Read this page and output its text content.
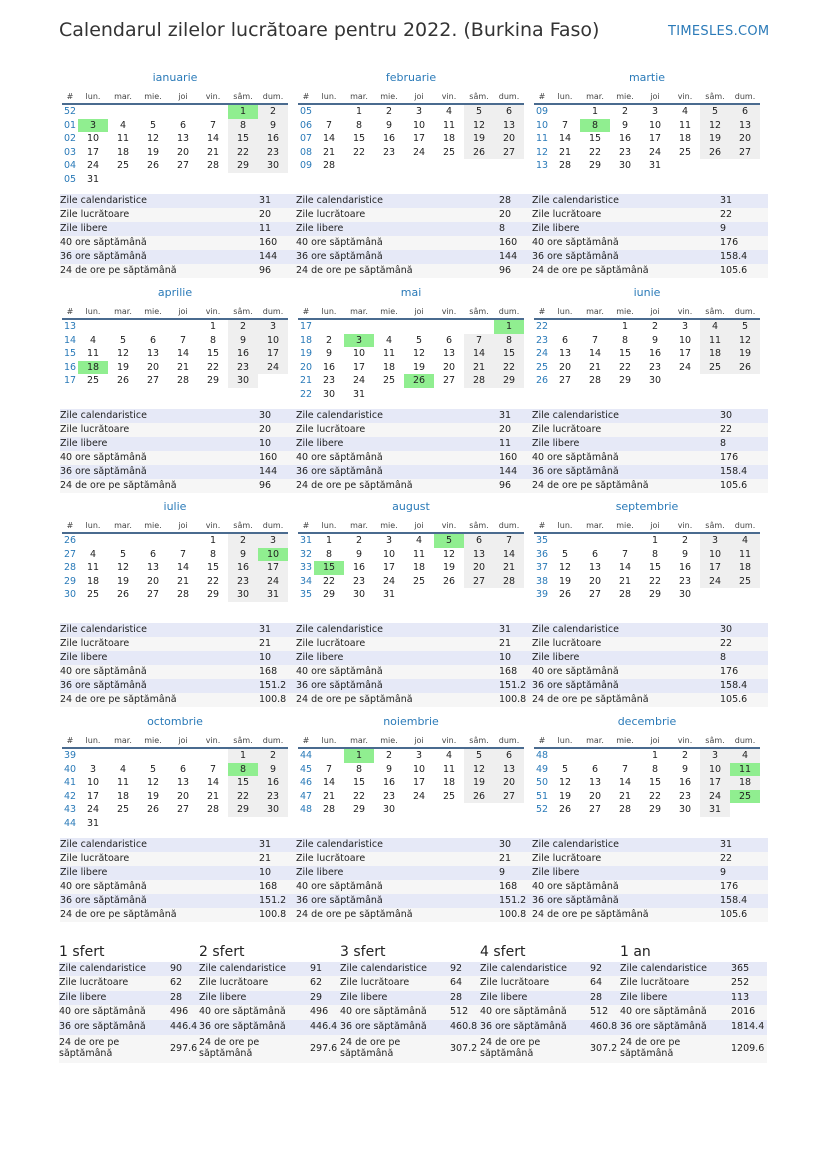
Calendarul zilelor lucrătoare pentru 2022. (Burkina Faso)	TIMESLES.COM
ianuarie
#	lun.	mar.	mie.	joi	vin.	sâm.	dum.
52						1	2
01	3	4	5	6	7	8	9
02	10	11	12	13	14	15	16
03	17	18	19	20	21	22	23
04	24	25	26	27	28	29	30
05	31						
Zile calendaristice	31
Zile lucrătoare	20
Zile libere	11
40 ore săptămână	160
36 ore săptămână	144
24 de ore pe săptămână	96
februarie
#	lun.	mar.	mie.	joi	vin.	sâm.	dum.
05		1	2	3	4	5	6
06	7	8	9	10	11	12	13
07	14	15	16	17	18	19	20
08	21	22	23	24	25	26	27
09	28						
Zile calendaristice	28
Zile lucrătoare	20
Zile libere	8
40 ore săptămână	160
36 ore săptămână	144
24 de ore pe săptămână	96
martie
#	lun.	mar.	mie.	joi	vin.	sâm.	dum.
09		1	2	3	4	5	6
10	7	8	9	10	11	12	13
11	14	15	16	17	18	19	20
12	21	22	23	24	25	26	27
13	28	29	30	31			
Zile calendaristice	31
Zile lucrătoare	22
Zile libere	9
40 ore săptămână	176
36 ore săptămână	158.4
24 de ore pe săptămână	105.6
aprilie
#	lun.	mar.	mie.	joi	vin.	sâm.	dum.
13					1	2	3
14	4	5	6	7	8	9	10
15	11	12	13	14	15	16	17
16	18	19	20	21	22	23	24
17	25	26	27	28	29	30	
Zile calendaristice	30
Zile lucrătoare	20
Zile libere	10
40 ore săptămână	160
36 ore săptămână	144
24 de ore pe săptămână	96
mai
#	lun.	mar.	mie.	joi	vin.	sâm.	dum.
17							1
18	2	3	4	5	6	7	8
19	9	10	11	12	13	14	15
20	16	17	18	19	20	21	22
21	23	24	25	26	27	28	29
22	30	31					
Zile calendaristice	31
Zile lucrătoare	20
Zile libere	11
40 ore săptămână	160
36 ore săptămână	144
24 de ore pe săptămână	96
iunie
#	lun.	mar.	mie.	joi	vin.	sâm.	dum.
22			1	2	3	4	5
23	6	7	8	9	10	11	12
24	13	14	15	16	17	18	19
25	20	21	22	23	24	25	26
26	27	28	29	30			
Zile calendaristice	30
Zile lucrătoare	22
Zile libere	8
40 ore săptămână	176
36 ore săptămână	158.4
24 de ore pe săptămână	105.6
iulie
#	lun.	mar.	mie.	joi	vin.	sâm.	dum.
26					1	2	3
27	4	5	6	7	8	9	10
28	11	12	13	14	15	16	17
29	18	19	20	21	22	23	24
30	25	26	27	28	29	30	31
Zile calendaristice	31
Zile lucrătoare	21
Zile libere	10
40 ore săptămână	168
36 ore săptămână	151.2
24 de ore pe săptămână	100.8
august
#	lun.	mar.	mie.	joi	vin.	sâm.	dum.
31	1	2	3	4	5	6	7
32	8	9	10	11	12	13	14
33	15	16	17	18	19	20	21
34	22	23	24	25	26	27	28
35	29	30	31				
Zile calendaristice	31
Zile lucrătoare	21
Zile libere	10
40 ore săptămână	168
36 ore săptămână	151.2
24 de ore pe săptămână	100.8
septembrie
#	lun.	mar.	mie.	joi	vin.	sâm.	dum.
35				1	2	3	4
36	5	6	7	8	9	10	11
37	12	13	14	15	16	17	18
38	19	20	21	22	23	24	25
39	26	27	28	29	30		
Zile calendaristice	30
Zile lucrătoare	22
Zile libere	8
40 ore săptămână	176
36 ore săptămână	158.4
24 de ore pe săptămână	105.6
octombrie
#	lun.	mar.	mie.	joi	vin.	sâm.	dum.
39						1	2
40	3	4	5	6	7	8	9
41	10	11	12	13	14	15	16
42	17	18	19	20	21	22	23
43	24	25	26	27	28	29	30
44	31						
Zile calendaristice	31
Zile lucrătoare	21
Zile libere	10
40 ore săptămână	168
36 ore săptămână	151.2
24 de ore pe săptămână	100.8
noiembrie
#	lun.	mar.	mie.	joi	vin.	sâm.	dum.
44		1	2	3	4	5	6
45	7	8	9	10	11	12	13
46	14	15	16	17	18	19	20
47	21	22	23	24	25	26	27
48	28	29	30				
Zile calendaristice	30
Zile lucrătoare	21
Zile libere	9
40 ore săptămână	168
36 ore săptămână	151.2
24 de ore pe săptămână	100.8
decembrie
#	lun.	mar.	mie.	joi	vin.	sâm.	dum.
48				1	2	3	4
49	5	6	7	8	9	10	11
50	12	13	14	15	16	17	18
51	19	20	21	22	23	24	25
52	26	27	28	29	30	31	
Zile calendaristice	31
Zile lucrătoare	22
Zile libere	9
40 ore săptămână	176
36 ore săptămână	158.4
24 de ore pe săptămână	105.6
1 sfert
Zile calendaristice	90
Zile lucrătoare	62
Zile libere	28
40 ore săptămână	496
36 ore săptămână	446.4
24 de ore pe săptămână	297.6
2 sfert
Zile calendaristice	91
Zile lucrătoare	62
Zile libere	29
40 ore săptămână	496
36 ore săptămână	446.4
24 de ore pe săptămână	297.6
3 sfert
Zile calendaristice 92
Zile lucrătoare	64
Zile libere	28
40 ore săptămână 512
36 ore săptămână 460.8
24 de ore pe săptămână	307.2
4 sfert
Zile calendaristice 92
Zile lucrătoare	64
Zile libere	28
40 ore săptămână 512
36 ore săptămână 460.8
24 de ore pe săptămână	307.2
1 an
Zile calendaristice	365
Zile lucrătoare	252
Zile libere	113
40 ore săptămână	2016
36 ore săptămână	1814.4
24 de ore pe săptămână	1209.6
